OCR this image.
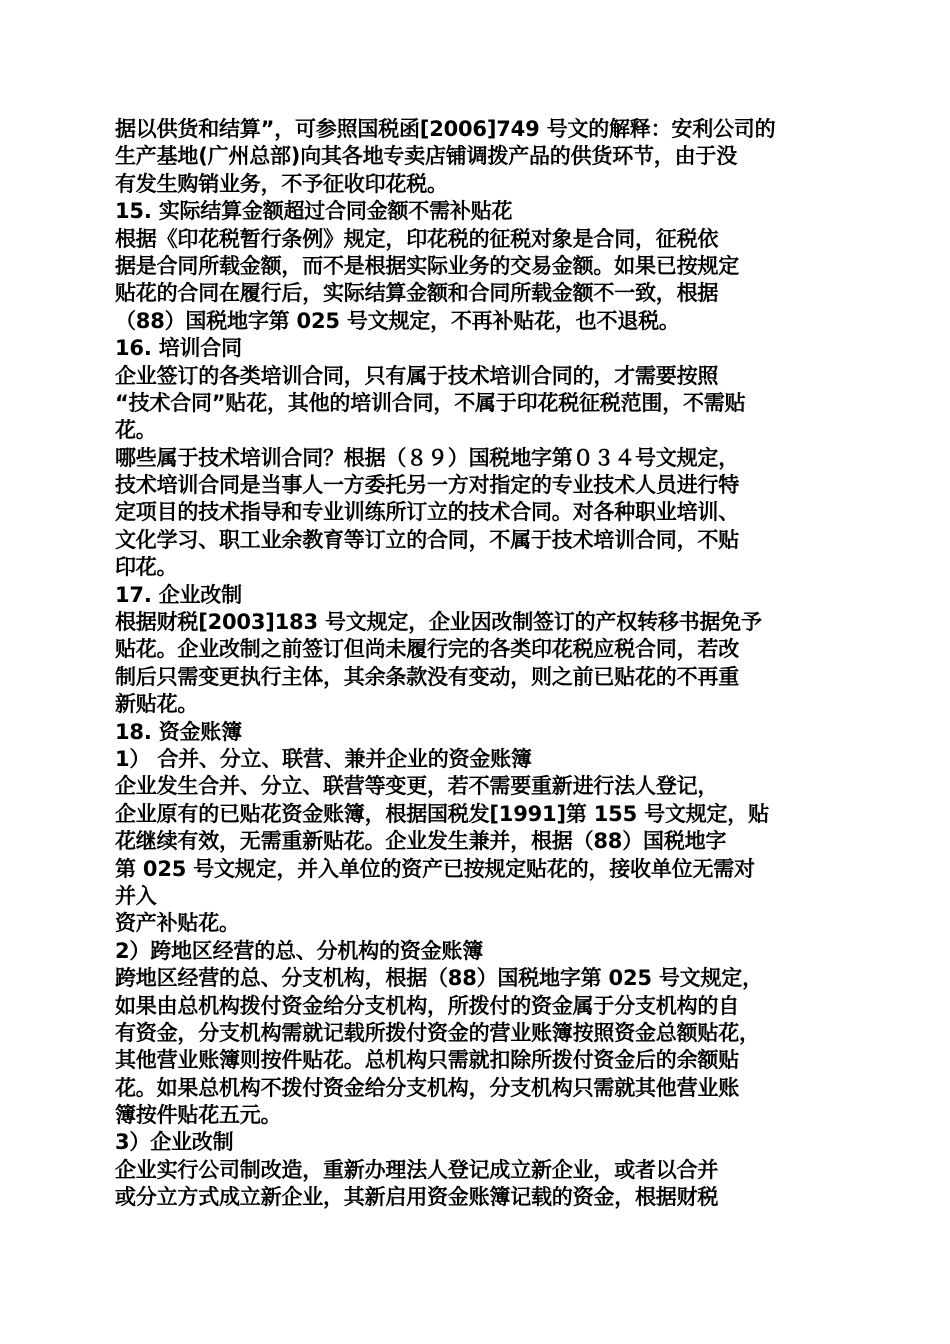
据以供货和结算”，可参照国税函[2006]749 号文的解释：安利公司的
生产基地(广州总部)向其各地专卖店铺调拨产品的供货环节，由于没
有发生购销业务，不予征收印花税。
15. 实际结算金额超过合同金额不需补贴花
根据《印花税暂行条例》规定，印花税的征税对象是合同，征税依
据是合同所载金额，而不是根据实际业务的交易金额。如果已按规定
贴花的合同在履行后，实际结算金额和合同所载金额不一致，根据
（88）国税地字第 025 号文规定，不再补贴花，也不退税。
16. 培训合同
企业签订的各类培训合同，只有属于技术培训合同的，才需要按照
“技术合同”贴花，其他的培训合同，不属于印花税征税范围，不需贴
花。
哪些属于技术培训合同？根据（８９）国税地字第０３４号文规定，
技术培训合同是当事人一方委托另一方对指定的专业技术人员进行特
定项目的技术指导和专业训练所订立的技术合同。对各种职业培训、
文化学习、职工业余教育等订立的合同，不属于技术培训合同，不贴
印花。
17. 企业改制
根据财税[2003]183 号文规定，企业因改制签订的产权转移书据免予
贴花。企业改制之前签订但尚未履行完的各类印花税应税合同，若改
制后只需变更执行主体，其余条款没有变动，则之前已贴花的不再重
新贴花。
18. 资金账簿
1） 合并、分立、联营、兼并企业的资金账簿
企业发生合并、分立、联营等变更，若不需要重新进行法人登记，
企业原有的已贴花资金账簿，根据国税发[1991]第 155 号文规定，贴
花继续有效，无需重新贴花。企业发生兼并，根据（88）国税地字
第 025 号文规定，并入单位的资产已按规定贴花的，接收单位无需对
并入
资产补贴花。
2）跨地区经营的总、分机构的资金账簿
跨地区经营的总、分支机构，根据（88）国税地字第 025 号文规定，
如果由总机构拨付资金给分支机构，所拨付的资金属于分支机构的自
有资金，分支机构需就记载所拨付资金的营业账簿按照资金总额贴花，
其他营业账簿则按件贴花。总机构只需就扣除所拨付资金后的余额贴
花。如果总机构不拨付资金给分支机构，分支机构只需就其他营业账
簿按件贴花五元。
3）企业改制
企业实行公司制改造，重新办理法人登记成立新企业，或者以合并
或分立方式成立新企业，其新启用资金账簿记载的资金，根据财税
